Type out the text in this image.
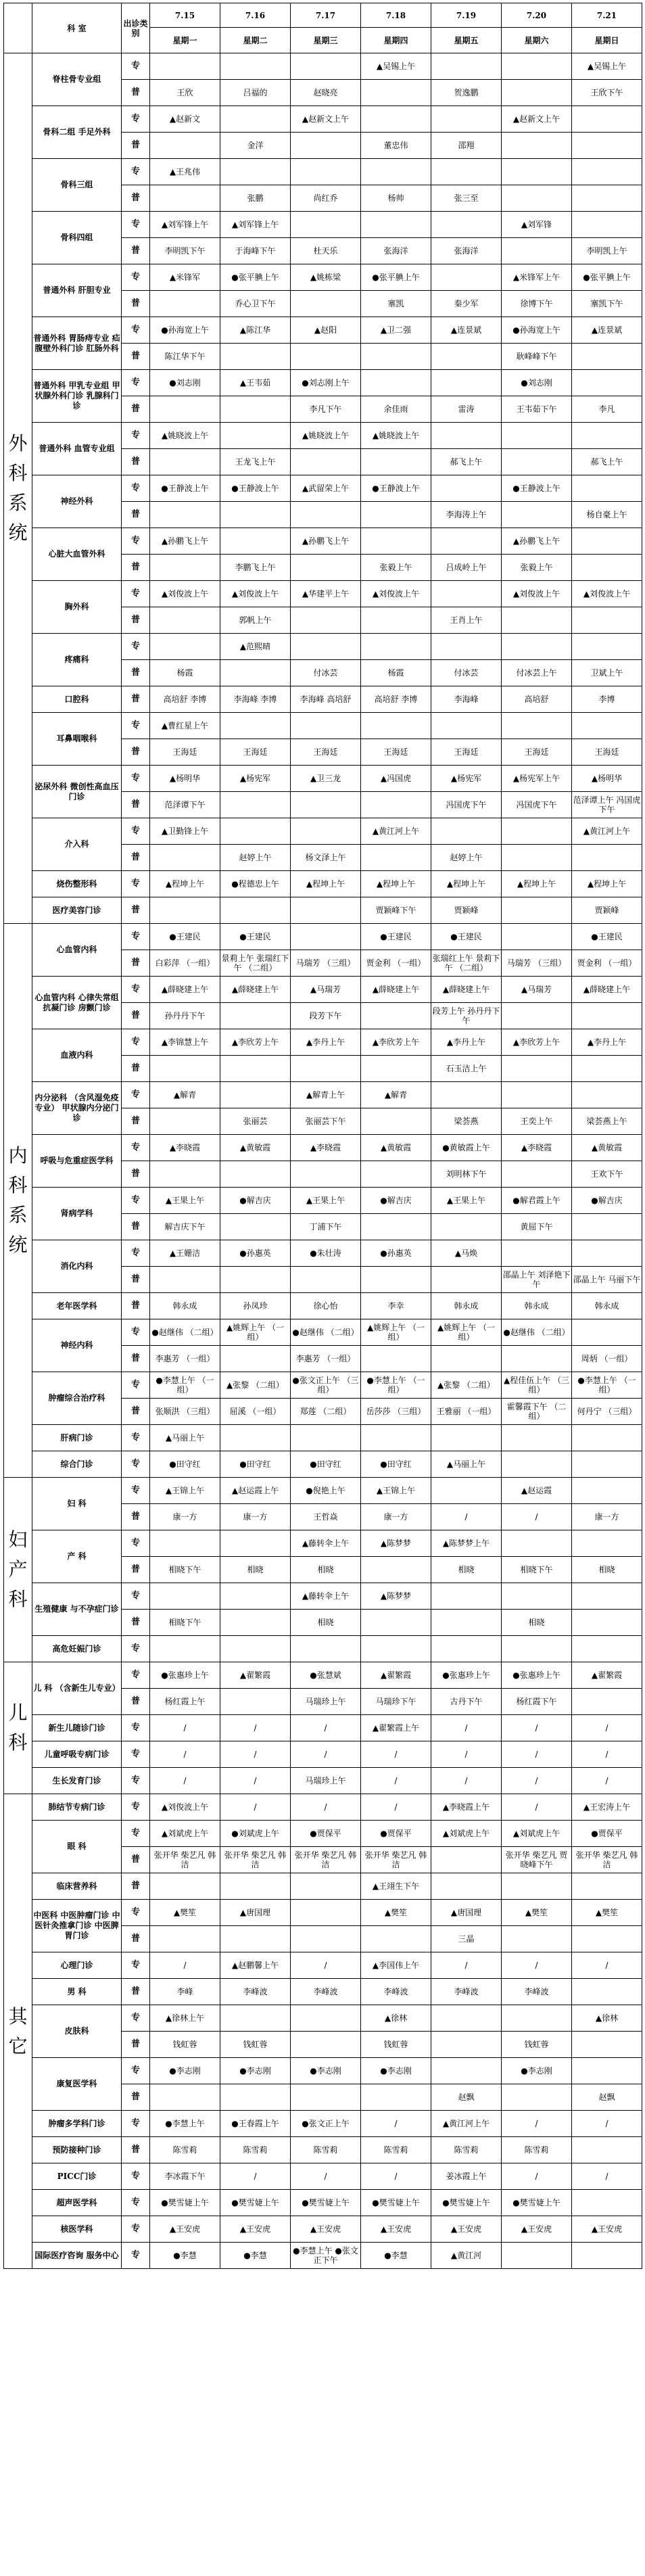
	科 室	出诊类别	7.15	7.16	7.17	7.18	7.19	7.20	7.21
			星期一	星期二	星期三	星期四	星期五	星期六	星期日
外科系统	脊柱骨专业组	专				▲吴锡上午			▲吴锡上午
		普	王欣	吕福的	赵晓亮		贺逸鹏		王欣下午
	骨科二组 手足外科	专	▲赵新文		▲赵新文上午			▲赵新文上午	
		普		金洋		董忠伟	邵翔		
	骨科三组	专	▲王兆伟						
		普		张鹏	尚红乔	杨帅	张三至		
	骨科四组	专	▲刘军锋上午	▲刘军锋上午				▲刘军锋	
		普	李明凯下午	于海峰下午	杜天乐	张海洋	张海洋		李明凯上午
	普通外科 肝胆专业	专	▲米锋军	●张平腆上午	▲姚栋梁	●张平腆上午		▲米锋军上午	●张平腆上午
		普		乔心卫下午		寨凯	秦少军	徐博下午	寨凯下午
	普通外科 胃肠痔专业 疝腹壁外科门诊 肛肠外科	专	●孙海宽上午	▲陈江华	▲赵阳	▲卫二强	▲连景斌	●孙海宽上午	▲连景斌
		普	陈江华下午					耿峰峰下午	
	普通外科 甲乳专业组 甲状腺外科门诊 乳腺科门诊	专	●刘志刚	▲王韦茹	●刘志刚上午			●刘志刚	
		普			李凡下午	余佳雨	雷涛	王韦茹下午	李凡
	普通外科 血管专业组	专	▲姚晓波上午		▲姚晓波上午	▲姚晓波上午			
		普		王龙飞上午			郝飞上午		郝飞上午
	神经外科	专	●王静波上午	●王静波上午	▲武留荣上午	●王静波上午		●王静波上午	
		普					李海涛上午		杨自豪上午
	心脏大血管外科	专	▲孙鹏飞上午		▲孙鹏飞上午			▲孙鹏飞上午	
		普		李鹏飞上午		张毅上午	吕成岭上午	张毅上午	
	胸外科	专	▲刘俊波上午	▲刘俊波上午	▲华建平上午	▲刘俊波上午		▲刘俊波上午	▲刘俊波上午
		普		郭帆上午			王肖上午		
	疼痛科	专		▲范熙晴					
		普	杨霞		付冰芸	杨霞	付冰芸	付冰芸上午	卫斌上午
	口腔科	普	高培舒 李博	李海峰 李博	李海峰 高培舒	高培舒 李博	李海峰	高培舒	李博
	耳鼻咽喉科	专	▲曹红星上午						
		普	王海廷	王海廷	王海廷	王海廷	王海廷	王海廷	王海廷
	泌尿外科 微创性高血压门诊	专	▲杨明华	▲杨宪军	▲卫三龙	▲冯国虎	▲杨宪军	▲杨宪军上午	▲杨明华
		普	范泽谭下午				冯国虎下午	冯国虎下午	范泽谭上午 冯国虎下午
	介入科	专	▲卫勤锋上午			▲黄江河上午			▲黄江河上午
		普		赵婷上午	杨文泽上午		赵婷上午		
	烧伤整形科	专	▲程坤上午	●程德忠上午	▲程坤上午	▲程坤上午	▲程坤上午	▲程坤上午	▲程坤上午
	医疗美容门诊	普				贾颖峰下午	贾颖峰		贾颖峰
内科系统	心血管内科	专	●王建民	●王建民		●王建民	●王建民		●王建民
		普	白彩萍 （一组）	景莉上午 张瑞红下午 （二组）	马瑞芳 （三组）	贾金利 （一组）	张瑞红上午 景莉下午 （二组）	马瑞芳 （三组）	贾金利 （一组）
	心血管内科 心律失常组 抗凝门诊 房颤门诊	专	▲薛晓建上午	▲薛晓建上午	▲马瑞芳	▲薛晓建上午	▲薛晓建上午	▲马瑞芳	▲薛晓建上午
		普	孙丹丹下午		段芳下午		段芳上午 孙丹丹下午		
	血液内科	专	▲李锦慧上午	▲李欣芳上午	▲李丹上午	▲李欣芳上午	▲李丹上午	▲李欣芳上午	▲李丹上午
		普					石玉洁上午		
	内分泌科 （含风湿免疫专业） 甲状腺内分泌门诊	专	▲解青		▲解青上午	▲解青			
		普		张丽芸	张丽芸下午		梁荟燕	王奕上午	梁荟燕上午
	呼吸与危重症医学科	专	▲李晓霞	▲黄敏霞	▲李晓霞	▲黄敏霞	●黄敏霞上午	▲李晓霞	▲黄敏霞
		普					刘明林下午		王欢下午
	肾病学科	专	▲王果上午	●解吉庆	▲王果上午	●解吉庆	▲王果上午	●解君霞上午	●解吉庆
		普	解吉庆下午		丁浦下午			黄屈下午	
	消化内科	专	▲王姗洁	●孙惠英	●朱壮涛	●孙惠英	▲马焕		
		普						邵晶上午 刘泽艳下午	邵晶上午 马丽下午
	老年医学科	普	韩永成	孙凤珍	徐心怡	李幸	韩永成	韩永成	韩永成
	神经内科	专	●赵继伟 （二组）	▲姚辉上午 （一组）	●赵继伟 （二组）	▲姚辉上午 （一组）	▲姚辉上午 （一组）	●赵继伟 （二组）	
		普	李惠芳 （一组）		李惠芳 （一组）				周炳 （一组）
	肿瘤综合治疗科	专	●李慧上午 （一组）	▲张黎 （二组）	●张文正上午 （三组）	●李慧上午 （一组）	▲张黎 （二组）	▲程佳伍上午 （三组）	●李慧上午 （一组）
		普	张顺洪 （三组）	屈溪 （一组）	郑莲 （二组）	岳莎莎 （三组）	王雅丽 （一组）	霍馨霞下午 （二组）	何丹宁 （三组）
	肝病门诊	专	▲马丽上午						
	综合门诊	专	●田守红	●田守红	●田守红	●田守红	▲马丽上午		
妇产科	妇 科	专	▲王锦上午	▲赵运霞上午	●倪艳上午	▲王锦上午		▲赵运霞	
		普	康一方	康一方	王哲焱	康一方	/	/	康一方
	产 科	专			▲藤转伞上午	▲陈梦梦	▲陈梦梦上午		
		普	相晓下午	相晓	相晓		相晓	相晓下午	相晓
	生殖健康 与不孕症门诊	专			▲藤转伞上午	▲陈梦梦			
		普	相晓下午		相晓			相晓	
	高危妊娠门诊	专							
儿科	儿 科 （含新生儿专业）	专	●张惠珍上午	▲翟繁霞	●张慧斌	▲翟繁霞	●张惠珍上午	●张惠珍上午	▲翟繁霞
		普	杨红霞上午		马瑞珍上午	马瑞珍下午	古丹下午	杨红霞下午	
	新生儿随诊门诊	专	/	/	/	▲翟繁霞上午	/	/	/
	儿童呼吸专病门诊	专	/	/	/	/	/	/	/
	生长发育门诊	专	/	/	马瑞珍上午	/	/	/	/
其它	肺结节专病门诊	专	▲刘俊波上午	/	/	/	▲李晓霞上午	/	▲王宏涛上午
	眼 科	专	▲刘斌虎上午	●刘斌虎上午	●贾保平	●贾保平	▲刘斌虎上午	▲刘斌虎上午	●贾保平
		普	张开华 柴艺凡 韩洁	张开华 柴艺凡 韩洁	张开华 柴艺凡 韩洁	张开华 柴艺凡 韩洁		张开华 柴艺凡 贾晓峰下午	张开华 柴艺凡 韩洁
	临床营养科	普				▲王翊生下午			
	中医科 中医肿瘤门诊 中医针灸推拿门诊 中医脾胃门诊	专	▲樊笙	▲唐国理		▲樊笙	▲唐国理	▲樊笙	▲樊笙
		普					三晶		
	心理门诊	专	/	▲赵鹏馨上午	/	▲李国伟上午	/	/	/
	男 科	普	李峰	李峰波	李峰波	李峰波	李峰波	李峰波	
	皮肤科	专	▲徐林上午			▲徐林			▲徐林
		普	钱虹蓉	钱虹蓉		钱虹蓉		钱虹蓉	
	康复医学科	专	●李志刚	●李志刚	●李志刚	●李志刚		●李志刚	
		普					赵飘		赵飘
	肿瘤多学科门诊	专	●李慧上午	●王春霞上午	●张文正上午	/	▲黄江河上午	/	/
	预防接种门诊	普	陈雪莉	陈雪莉	陈雪莉	陈雪莉	陈雪莉	陈雪莉	
	PICC门诊	专	李冰霞下午	/	/	/	姜冰霞上午	/	/
	超声医学科	专	●樊雪婕上午	●樊雪婕上午	●樊雪婕上午	●樊雪婕上午	●樊雪婕上午	●樊雪婕上午	
	核医学科	专	▲王安虎	▲王安虎	▲王安虎	▲王安虎	▲王安虎	▲王安虎	▲王安虎
	国际医疗咨询 服务中心	专	●李慧	●李慧	●李慧上午 ●张文正下午	●李慧	▲黄江河		
